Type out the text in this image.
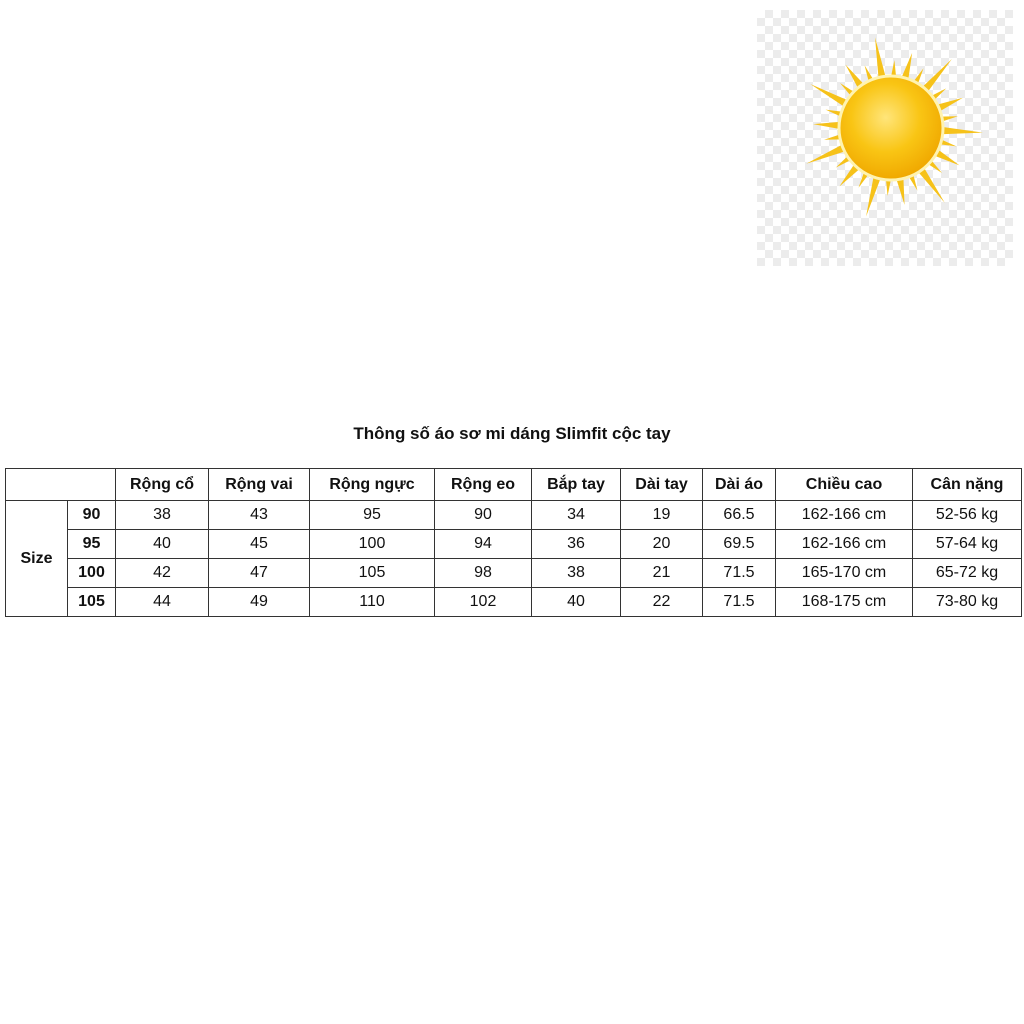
Thông số áo sơ mi dáng Slimfit cộc tay
		Rộng cổ	Rộng vai	Rộng ngực	Rộng eo	Bắp tay	Dài tay	Dài áo	Chiều cao	Cân nặng
Size	90	38	43	95	90	34	19	66.5	162-166 cm	52-56 kg
	95	40	45	100	94	36	20	69.5	162-166 cm	57-64 kg
	100	42	47	105	98	38	21	71.5	165-170 cm	65-72 kg
	105	44	49	110	102	40	22	71.5	168-175 cm	73-80 kg
